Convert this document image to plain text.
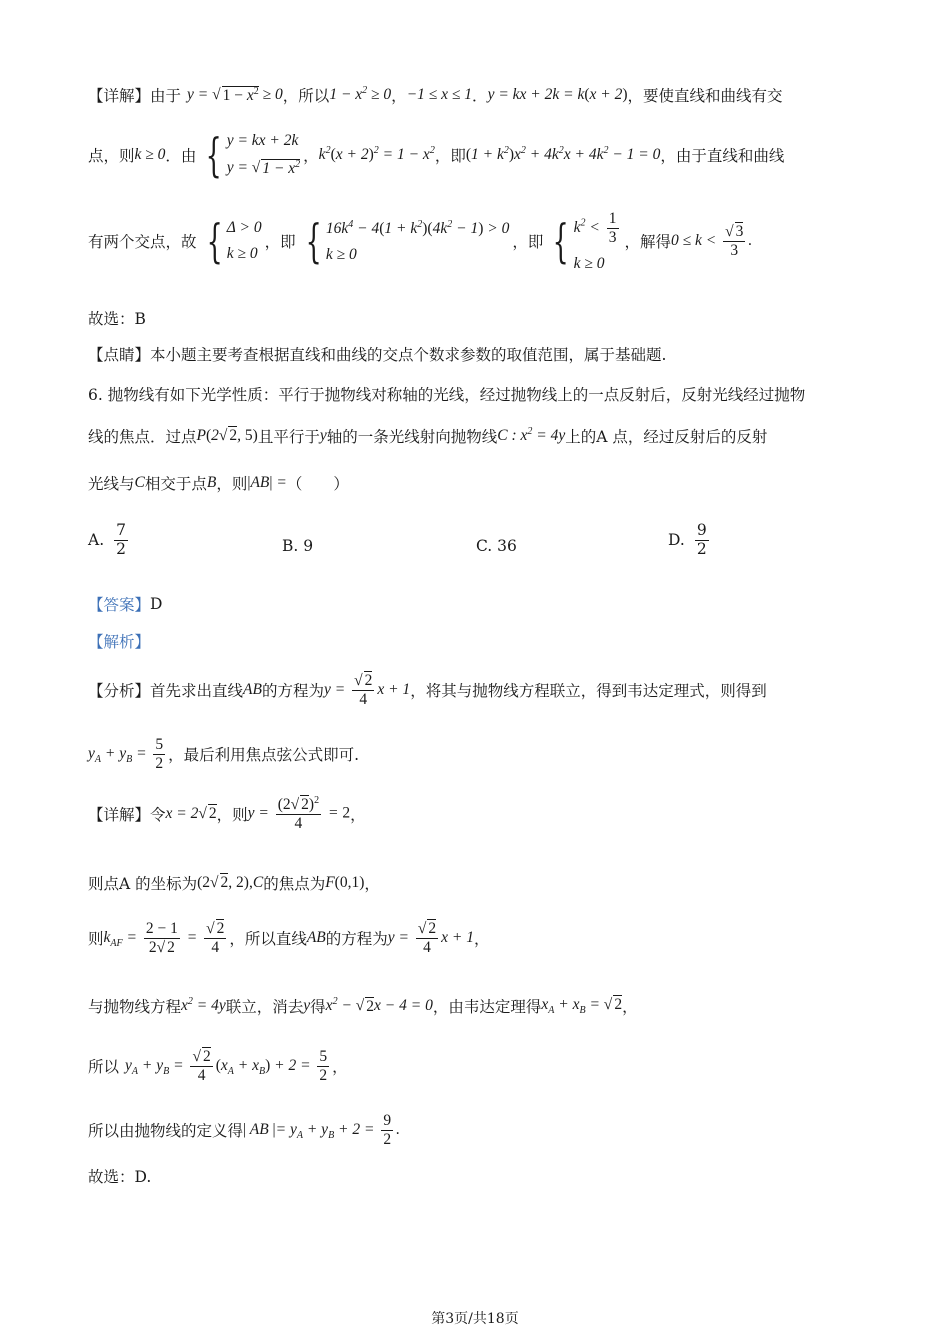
【详解】 由于 y = √ $1 - x^2 \ge 0$ ，所以 $1 - x^2 \ge 0$ ， −1 ≤ x ≤ 1 ． y = kx + 2k = k(x + 2) ，要使直线和曲线有交
点，则 k ≥ 0 ．由 { y = kx + 2k
y = √ $1 - x^2$ ， $k^2(x + 2)^2 = 1 - x^2$ ，即 $(1 + k^2)x^2 + 4k^2x + 4k^2 - 1 = 0$ ，由于直线和曲线
有两个交点，故 { Δ > 0
k ≥ 0
，即 { $16k^4 - 4(1 + k^2)(4k^2 - 1) > 0$
k ≥ 0
，即 { $k^2 < \frac{1}{3}$
k ≥ 0
，解得 $0 \le k < \frac{√ 3}{3}$ .
故选：B
【点睛】 本小题主要考查根据直线和曲线的交点个数求参数的取值范围，属于基础题.
6. 抛物线有如下光学性质：平行于抛物线对称轴的光线，经过抛物线上的一点反射后，反射光线经过抛物
线的焦点．过点 P(2√ 2, 5) 且平行于 y 轴的一条光线射向抛物线 C : $x^2 = 4y$ 上的A 点，经过反射后的反射
光线与 C 相交于点 B ，则 |AB| = （　　）
A. $\frac{7}{2}$	B. 9	C. 36	D. $\frac{9}{2}$
【答案】 D
【解析】
【分析】 首先求出直线 AB 的方程为 $y = \frac{√ 2}{4}$ x + 1 ，将其与抛物线方程联立，得到韦达定理式，则得到
$y_A + y_B = \frac{5}{2}$ ，最后利用焦点弦公式即可.
【详解】 令 x = 2√ 2 ，则 $y = \frac{(2√ 2)^2}{4} = 2$ ，
则点A 的坐标为 (2√ 2, 2),C 的焦点为 F(0,1) ，
则 $k_{AF} = \frac{2 - 1}{2√ 2} = \frac{√ 2}{4}$ ，所以直线 AB 的方程为 $y = \frac{√ 2}{4}$ x + 1 ，
与抛物线方程 $x^2 = 4y$ 联立，消去 y 得 $x^2$ − √ 2x − 4 = 0 ，由韦达定理得 $x_A + x_B$ = √ 2 ，
所以 $y_A + y_B = \frac{√ 2}{4} (x_A + x_B) + 2 = \frac{5}{2}$ ，
所以由抛物线的定义得 | AB |= $y_A + y_B + 2 = \frac{9}{2}$ .
故选：D.
第3页/共18页
